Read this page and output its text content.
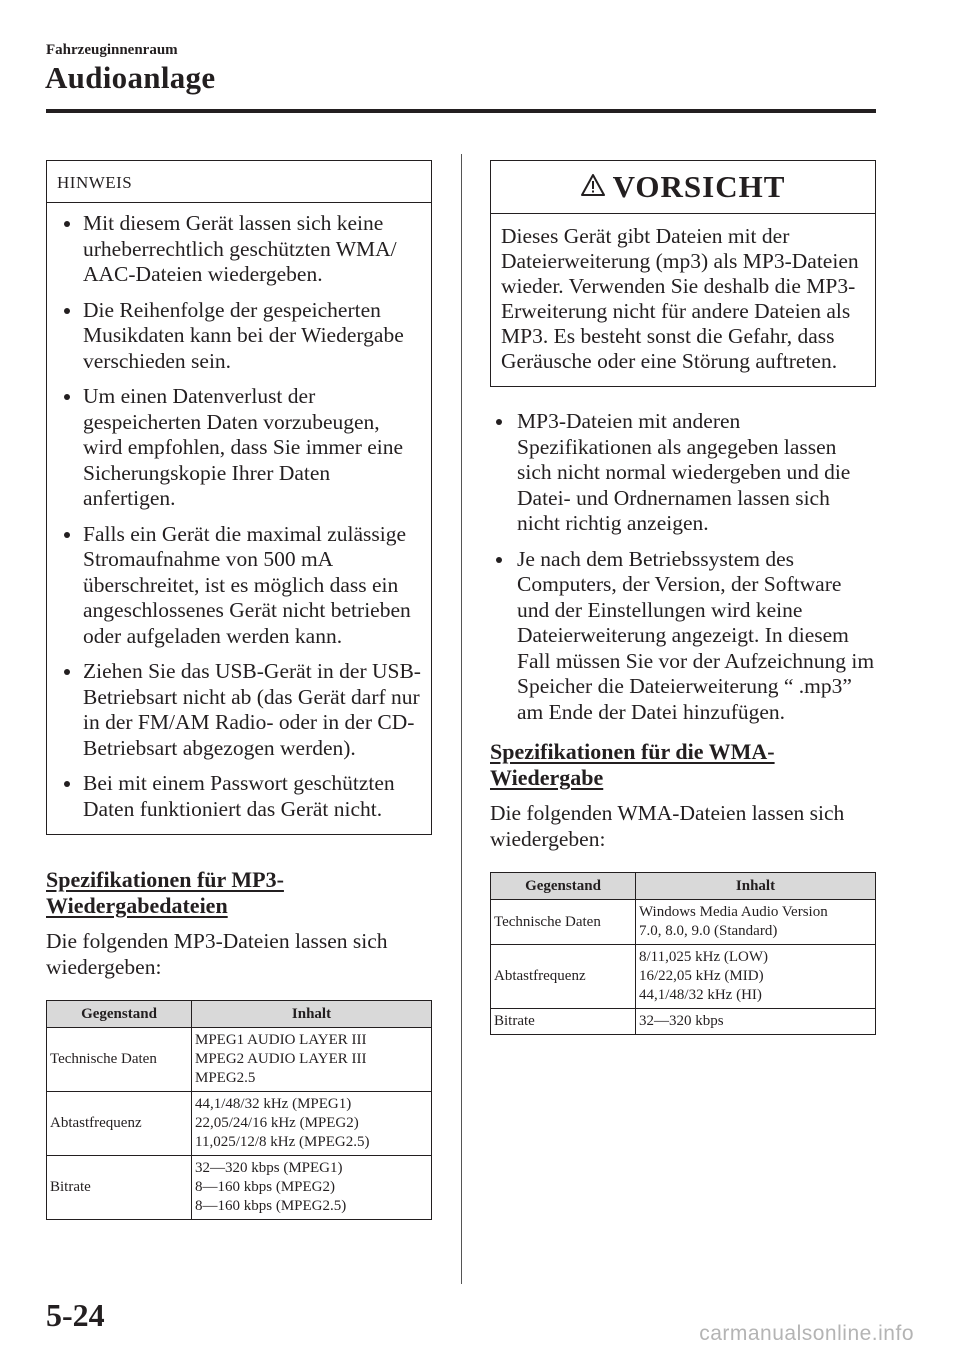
Fahrzeuginnenraum
Audioanlage
HINWEIS
Mit diesem Gerät lassen sich keine urheberrechtlich geschützten WMA/ AAC-Dateien wiedergeben.
Die Reihenfolge der gespeicherten Musikdaten kann bei der Wiedergabe verschieden sein.
Um einen Datenverlust der gespeicherten Daten vorzubeugen, wird empfohlen, dass Sie immer eine Sicherungskopie Ihrer Daten anfertigen.
Falls ein Gerät die maximal zulässige Stromaufnahme von 500 mA überschreitet, ist es möglich dass ein angeschlossenes Gerät nicht betrieben oder aufgeladen werden kann.
Ziehen Sie das USB-Gerät in der USB-Betriebsart nicht ab (das Gerät darf nur in der FM/AM Radio- oder in der CD-Betriebsart abgezogen werden).
Bei mit einem Passwort geschützten Daten funktioniert das Gerät nicht.
Spezifikationen für MP3-
Wiedergabedateien

Die folgenden MP3-Dateien lassen sich wiedergeben:

Gegenstand	Inhalt
Technische Daten	MPEG1 AUDIO LAYER III
MPEG2 AUDIO LAYER III
MPEG2.5

Abtastfrequenz	44,1/48/32 kHz (MPEG1)
22,05/24/16 kHz (MPEG2)
11,025/12/8 kHz (MPEG2.5)

Bitrate	32―320 kbps (MPEG1)
8―160 kbps (MPEG2)
8―160 kbps (MPEG2.5)
VORSICHT
Dieses Gerät gibt Dateien mit der Dateierweiterung (mp3) als MP3-Dateien wieder. Verwenden Sie deshalb die MP3-Erweiterung nicht für andere Dateien als MP3. Es besteht sonst die Gefahr, dass Geräusche oder eine Störung auftreten.
MP3-Dateien mit anderen Spezifikationen als angegeben lassen sich nicht normal wiedergeben und die Datei- und Ordnernamen lassen sich nicht richtig anzeigen.
Je nach dem Betriebssystem des Computers, der Version, der Software und der Einstellungen wird keine Dateierweiterung angezeigt. In diesem Fall müssen Sie vor der Aufzeichnung im Speicher die Dateierweiterung “ .mp3” am Ende der Datei hinzufügen.
Spezifikationen für die WMA-
Wiedergabe

Die folgenden WMA-Dateien lassen sich wiedergeben:

Gegenstand	Inhalt
Technische Daten	Windows Media Audio Version
7.0, 8.0, 9.0 (Standard)

Abtastfrequenz	8/11,025 kHz (LOW)
16/22,05 kHz (MID)
44,1/48/32 kHz (HI)

Bitrate	32―320 kbps
5-24
carmanualsonline.info
